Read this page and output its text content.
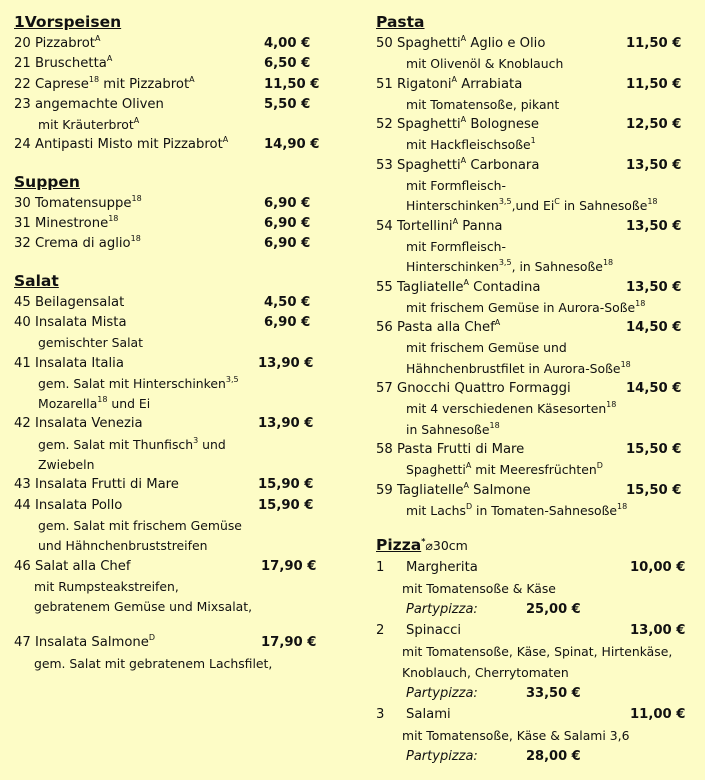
1Vorspeisen
20 Pizzabrot$^A$	4,00 €
21 Bruschetta$^A$	6,50 €
22 Caprese$^{18}$ mit Pizzabrot$^A$	11,50 €
23 angemachte Oliven	5,50 €
mit Kräuterbrot$^A$
24 Antipasti Misto mit Pizzabrot$^A$	14,90 €
Suppen
30 Tomatensuppe$^{18}$	6,90 €
31 Minestrone$^{18}$	6,90 €
32 Crema di aglio$^{18}$	6,90 €
Salat
45 Beilagensalat	4,50 €
40 Insalata Mista	6,90 €
gemischter Salat
41 Insalata Italia	13,90 €
gem. Salat mit Hinterschinken$^{3,5}$
Mozarella$^{18}$ und Ei
42 Insalata Venezia	13,90 €
gem. Salat mit Thunfisch$^3$ und
Zwiebeln
43 Insalata Frutti di Mare	15,90 €
44 Insalata Pollo	15,90 €
gem. Salat mit frischem Gemüse
und Hähnchenbruststreifen
46 Salat alla Chef	17,90 €
mit Rumpsteakstreifen,
gebratenem Gemüse und Mixsalat,
47 Insalata Salmone$^D$	17,90 €
gem. Salat mit gebratenem Lachsfilet,
Pasta
50 Spaghetti$^A$ Aglio e Olio	11,50 €
mit Olivenöl & Knoblauch
51 Rigatoni$^A$ Arrabiata	11,50 €
mit Tomatensoße, pikant
52 Spaghetti$^A$ Bolognese	12,50 €
mit Hackfleischsoße$^1$
53 Spaghetti$^A$ Carbonara	13,50 €
mit Formfleisch-
Hinterschinken$^{3,5}$,und $Ei^C$ in Sahnesoße$^{18}$
54 Tortellini$^A$ Panna	13,50 €
mit Formfleisch-
Hinterschinken$^{3,5}$, in Sahnesoße$^{18}$
55 Tagliatelle$^A$ Contadina	13,50 €
mit frischem Gemüse in Aurora-Soße$^{18}$
56 Pasta alla Chef$^A$	14,50 €
mit frischem Gemüse und
Hähnchenbrustfilet in Aurora-Soße$^{18}$
57 Gnocchi Quattro Formaggi	14,50 €
mit 4 verschiedenen Käsesorten$^{18}$
in Sahnesoße$^{18}$
58 Pasta Frutti di Mare	15,50 €
Spaghetti$^A$ mit Meeresfrüchten$^D$
59 Tagliatelle$^A$ Salmone	15,50 €
mit Lachs$^D$ in Tomaten-Sahnesoße$^{18}$
Pizza*⌀30cm
1 Margherita	10,00 €
mit Tomatensoße & Käse
Partypizza:	25,00 €
2 Spinacci	13,00 €
mit Tomatensoße, Käse, Spinat, Hirtenkäse,
Knoblauch, Cherrytomaten
Partypizza:	33,50 €
3 Salami	11,00 €
mit Tomatensoße, Käse & Salami 3,6
Partypizza:	28,00 €
